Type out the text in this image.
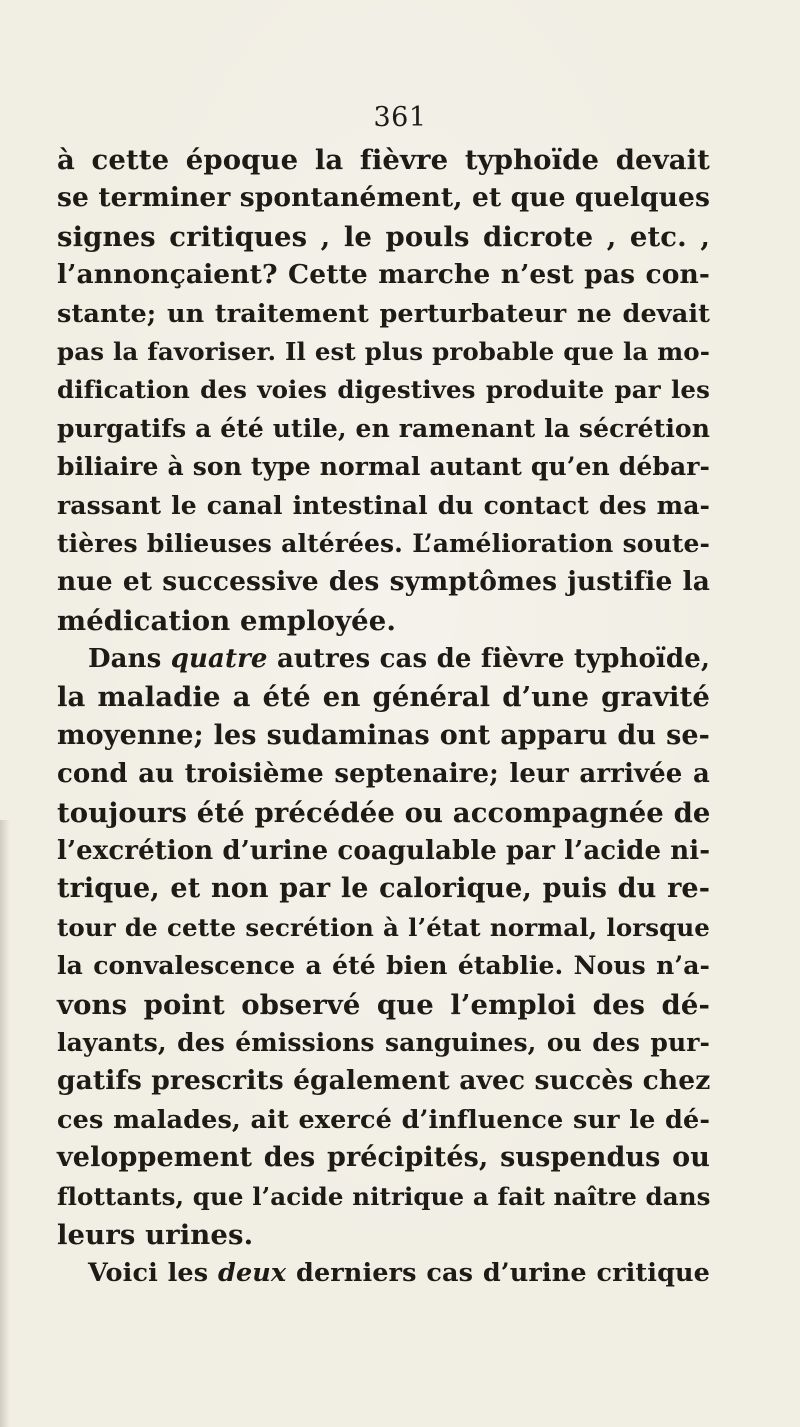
361
à cette époque la fièvre typhoïde devait
se terminer spontanément, et que quelques
signes critiques , le pouls dicrote , etc. ,
l’annonçaient? Cette marche n’est pas con-
stante; un traitement perturbateur ne devait
pas la favoriser. Il est plus probable que la mo-
dification des voies digestives produite par les
purgatifs a été utile, en ramenant la sécrétion
biliaire à son type normal autant qu’en débar-
rassant le canal intestinal du contact des ma-
tières bilieuses altérées. L’amélioration soute-
nue et successive des symptômes justifie la
médication employée.
Dans quatre autres cas de fièvre typhoïde,
la maladie a été en général d’une gravité
moyenne; les sudaminas ont apparu du se-
cond au troisième septenaire; leur arrivée a
toujours été précédée ou accompagnée de
l’excrétion d’urine coagulable par l’acide ni-
trique, et non par le calorique, puis du re-
tour de cette secrétion à l’état normal, lorsque
la convalescence a été bien établie. Nous n’a-
vons point observé que l’emploi des dé-
layants, des émissions sanguines, ou des pur-
gatifs prescrits également avec succès chez
ces malades, ait exercé d’influence sur le dé-
veloppement des précipités, suspendus ou
flottants, que l’acide nitrique a fait naître dans
leurs urines.
Voici les deux derniers cas d’urine critique
